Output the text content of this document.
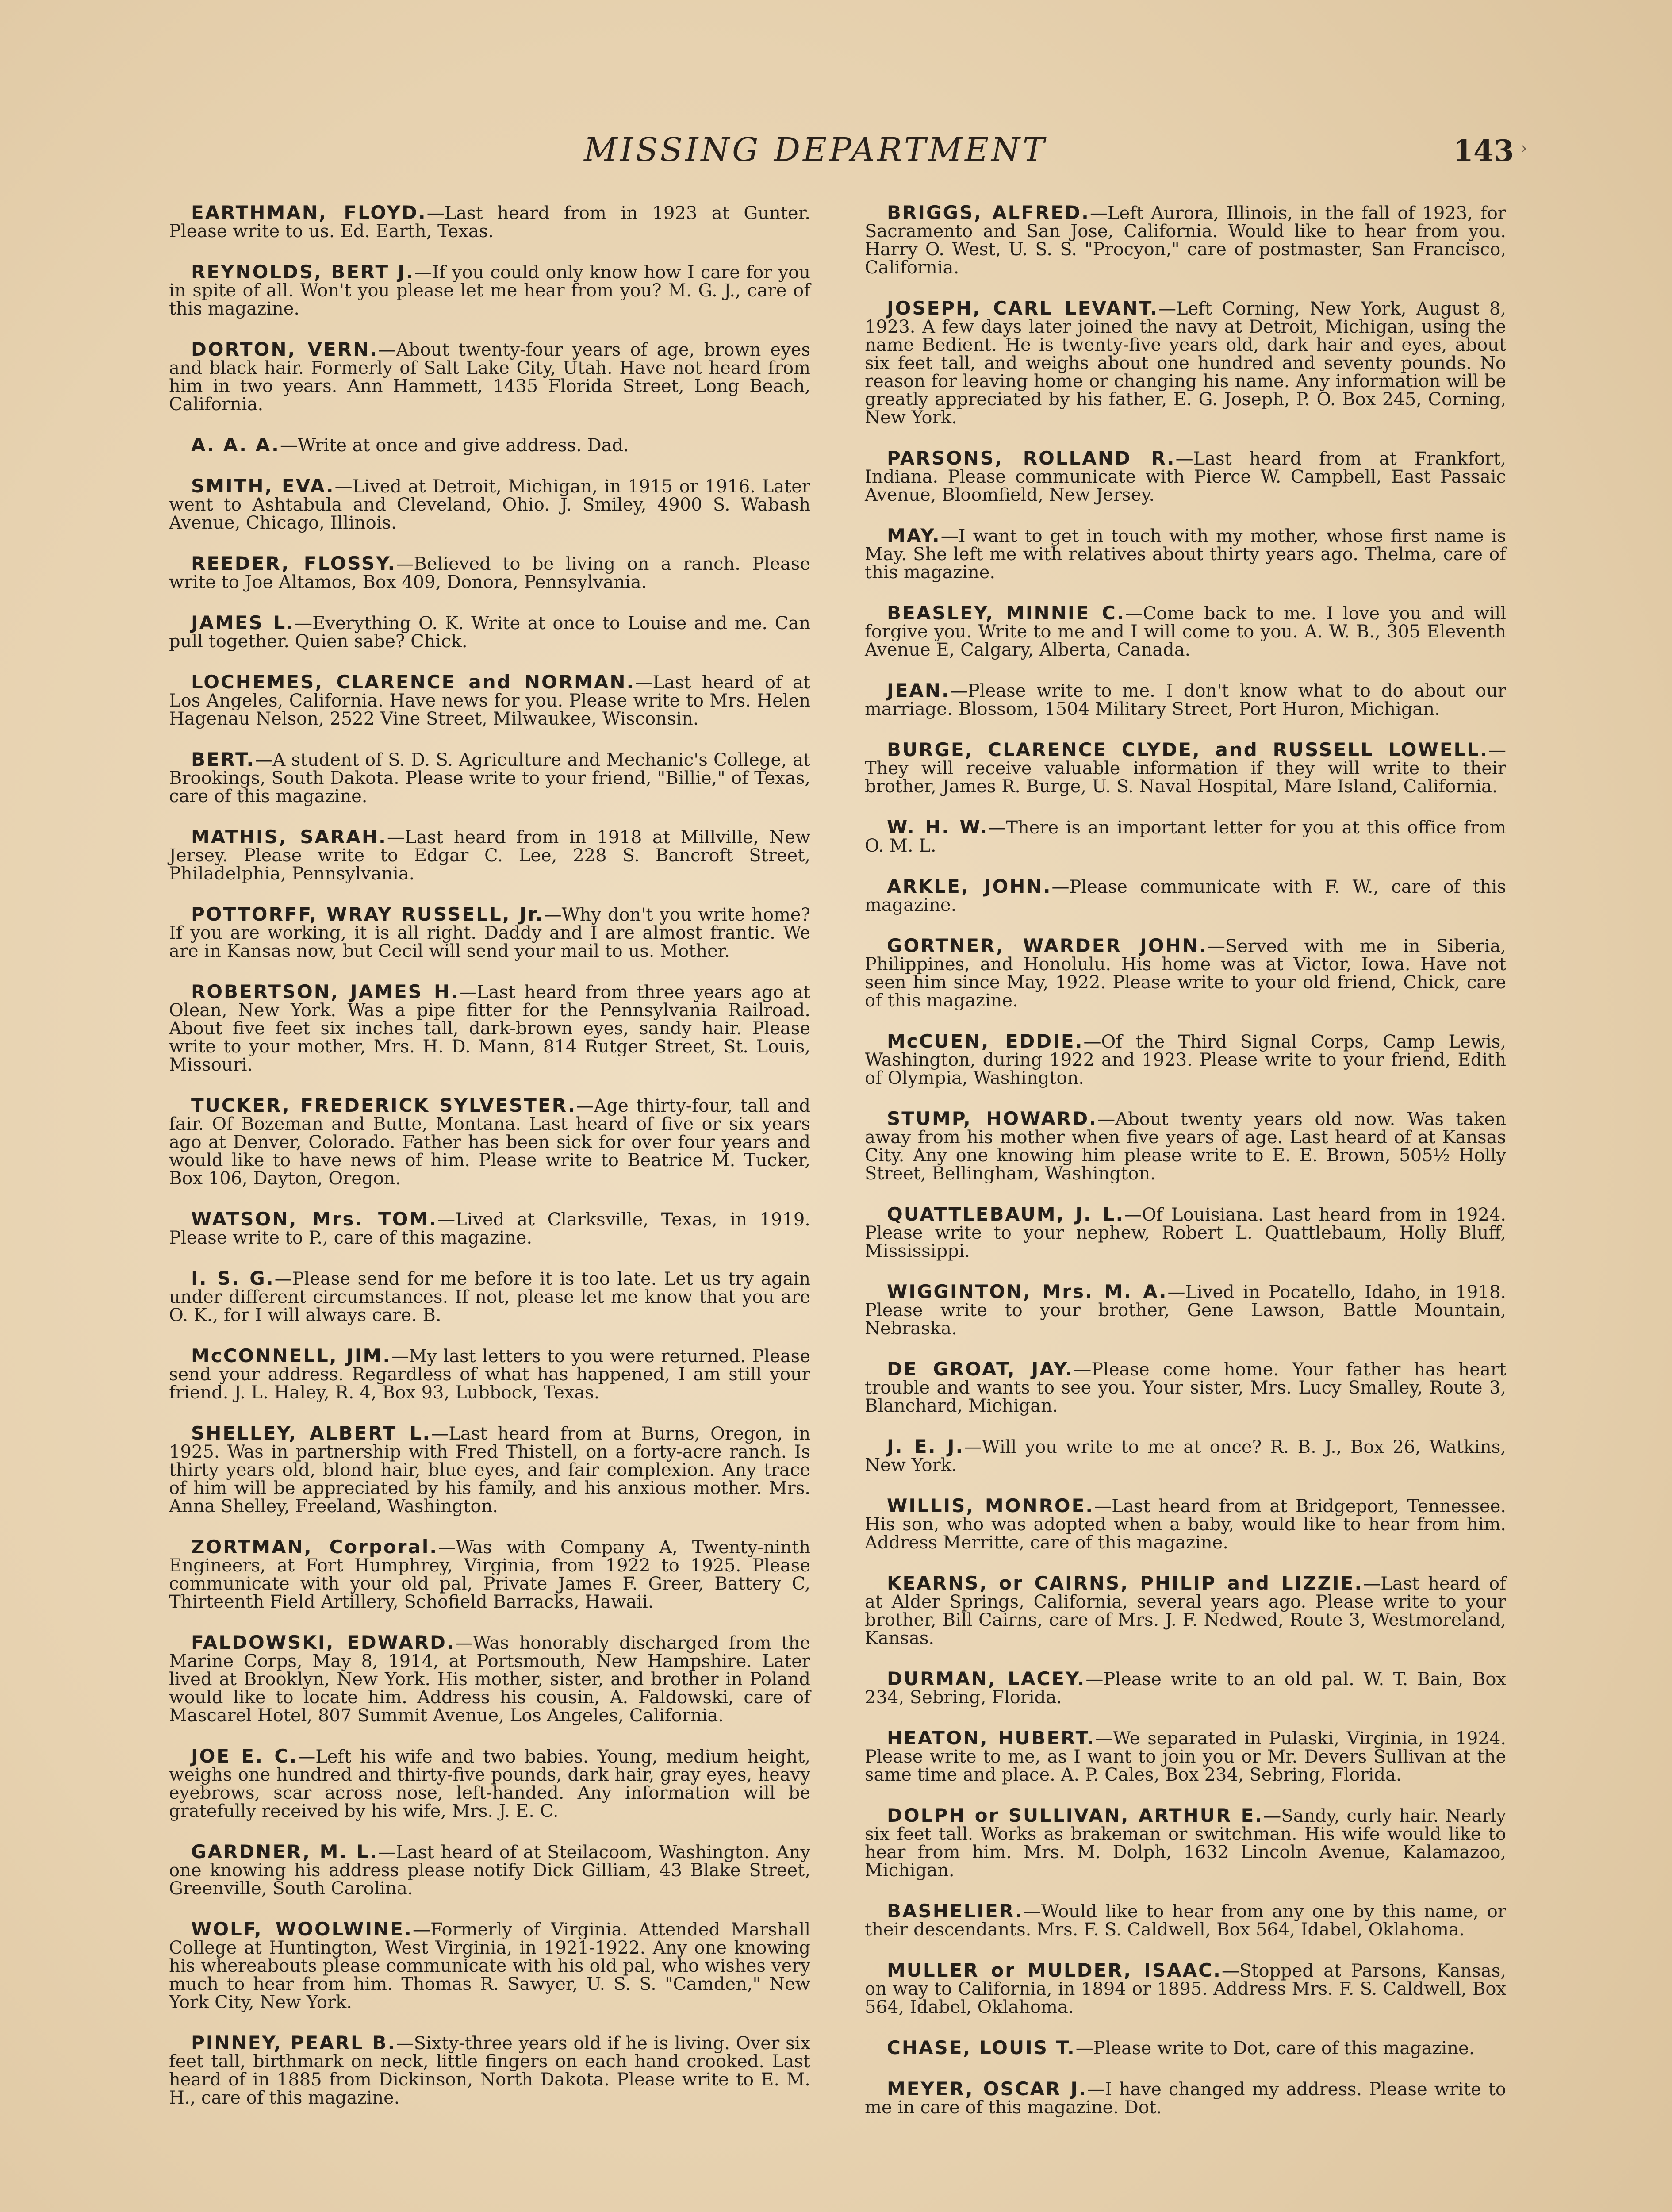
MISSING DEPARTMENT	143 ›

EARTHMAN, FLOYD.—Last heard from in 1923 at Gunter. Please write to us. Ed. Earth, Texas.

REYNOLDS, BERT J.—If you could only know how I care for you in spite of all. Won't you please let me hear from you? M. G. J., care of this magazine.

DORTON, VERN.—About twenty-four years of age, brown eyes and black hair. Formerly of Salt Lake City, Utah. Have not heard from him in two years. Ann Hammett, 1435 Florida Street, Long Beach, California.

A. A. A.—Write at once and give address. Dad.

SMITH, EVA.—Lived at Detroit, Michigan, in 1915 or 1916. Later went to Ashtabula and Cleveland, Ohio. J. Smiley, 4900 S. Wabash Avenue, Chicago, Illinois.

REEDER, FLOSSY.—Believed to be living on a ranch. Please write to Joe Altamos, Box 409, Donora, Pennsylvania.

JAMES L.—Everything O. K. Write at once to Louise and me. Can pull together. Quien sabe? Chick.

LOCHEMES, CLARENCE and NORMAN.—Last heard of at Los Angeles, California. Have news for you. Please write to Mrs. Helen Hagenau Nelson, 2522 Vine Street, Milwaukee, Wisconsin.

BERT.—A student of S. D. S. Agriculture and Mechanic's College, at Brookings, South Dakota. Please write to your friend, "Billie," of Texas, care of this magazine.

MATHIS, SARAH.—Last heard from in 1918 at Millville, New Jersey. Please write to Edgar C. Lee, 228 S. Bancroft Street, Philadelphia, Pennsylvania.

POTTORFF, WRAY RUSSELL, Jr.—Why don't you write home? If you are working, it is all right. Daddy and I are almost frantic. We are in Kansas now, but Cecil will send your mail to us. Mother.

ROBERTSON, JAMES H.—Last heard from three years ago at Olean, New York. Was a pipe fitter for the Pennsylvania Railroad. About five feet six inches tall, dark-brown eyes, sandy hair. Please write to your mother, Mrs. H. D. Mann, 814 Rutger Street, St. Louis, Missouri.

TUCKER, FREDERICK SYLVESTER.—Age thirty-four, tall and fair. Of Bozeman and Butte, Montana. Last heard of five or six years ago at Denver, Colorado. Father has been sick for over four years and would like to have news of him. Please write to Beatrice M. Tucker, Box 106, Dayton, Oregon.

WATSON, Mrs. TOM.—Lived at Clarksville, Texas, in 1919. Please write to P., care of this magazine.

I. S. G.—Please send for me before it is too late. Let us try again under different circumstances. If not, please let me know that you are O. K., for I will always care. B.

McCONNELL, JIM.—My last letters to you were returned. Please send your address. Regardless of what has happened, I am still your friend. J. L. Haley, R. 4, Box 93, Lubbock, Texas.

SHELLEY, ALBERT L.—Last heard from at Burns, Oregon, in 1925. Was in partnership with Fred Thistell, on a forty-acre ranch. Is thirty years old, blond hair, blue eyes, and fair complexion. Any trace of him will be appreciated by his family, and his anxious mother. Mrs. Anna Shelley, Freeland, Washington.

ZORTMAN, Corporal.—Was with Company A, Twenty-ninth Engineers, at Fort Humphrey, Virginia, from 1922 to 1925. Please communicate with your old pal, Private James F. Greer, Battery C, Thirteenth Field Artillery, Schofield Barracks, Hawaii.

FALDOWSKI, EDWARD.—Was honorably discharged from the Marine Corps, May 8, 1914, at Portsmouth, New Hampshire. Later lived at Brooklyn, New York. His mother, sister, and brother in Poland would like to locate him. Address his cousin, A. Faldowski, care of Mascarel Hotel, 807 Summit Avenue, Los Angeles, California.

JOE E. C.—Left his wife and two babies. Young, medium height, weighs one hundred and thirty-five pounds, dark hair, gray eyes, heavy eyebrows, scar across nose, left-handed. Any information will be gratefully received by his wife, Mrs. J. E. C.

GARDNER, M. L.—Last heard of at Steilacoom, Washington. Any one knowing his address please notify Dick Gilliam, 43 Blake Street, Greenville, South Carolina.

WOLF, WOOLWINE.—Formerly of Virginia. Attended Marshall College at Huntington, West Virginia, in 1921-1922. Any one knowing his whereabouts please communicate with his old pal, who wishes very much to hear from him. Thomas R. Sawyer, U. S. S. "Camden," New York City, New York.

PINNEY, PEARL B.—Sixty-three years old if he is living. Over six feet tall, birthmark on neck, little fingers on each hand crooked. Last heard of in 1885 from Dickinson, North Dakota. Please write to E. M. H., care of this magazine.

BRIGGS, ALFRED.—Left Aurora, Illinois, in the fall of 1923, for Sacramento and San Jose, California. Would like to hear from you. Harry O. West, U. S. S. "Procyon," care of postmaster, San Francisco, California.

JOSEPH, CARL LEVANT.—Left Corning, New York, August 8, 1923. A few days later joined the navy at Detroit, Michigan, using the name Bedient. He is twenty-five years old, dark hair and eyes, about six feet tall, and weighs about one hundred and seventy pounds. No reason for leaving home or changing his name. Any information will be greatly appreciated by his father, E. G. Joseph, P. O. Box 245, Corning, New York.

PARSONS, ROLLAND R.—Last heard from at Frankfort, Indiana. Please communicate with Pierce W. Campbell, East Passaic Avenue, Bloomfield, New Jersey.

MAY.—I want to get in touch with my mother, whose first name is May. She left me with relatives about thirty years ago. Thelma, care of this magazine.

BEASLEY, MINNIE C.—Come back to me. I love you and will forgive you. Write to me and I will come to you. A. W. B., 305 Eleventh Avenue E, Calgary, Alberta, Canada.

JEAN.—Please write to me. I don't know what to do about our marriage. Blossom, 1504 Military Street, Port Huron, Michigan.

BURGE, CLARENCE CLYDE, and RUSSELL LOWELL.—They will receive valuable information if they will write to their brother, James R. Burge, U. S. Naval Hospital, Mare Island, California.

W. H. W.—There is an important letter for you at this office from O. M. L.

ARKLE, JOHN.—Please communicate with F. W., care of this magazine.

GORTNER, WARDER JOHN.—Served with me in Siberia, Philippines, and Honolulu. His home was at Victor, Iowa. Have not seen him since May, 1922. Please write to your old friend, Chick, care of this magazine.

McCUEN, EDDIE.—Of the Third Signal Corps, Camp Lewis, Washington, during 1922 and 1923. Please write to your friend, Edith of Olympia, Washington.

STUMP, HOWARD.—About twenty years old now. Was taken away from his mother when five years of age. Last heard of at Kansas City. Any one knowing him please write to E. E. Brown, 505½ Holly Street, Bellingham, Washington.

QUATTLEBAUM, J. L.—Of Louisiana. Last heard from in 1924. Please write to your nephew, Robert L. Quattlebaum, Holly Bluff, Mississippi.

WIGGINTON, Mrs. M. A.—Lived in Pocatello, Idaho, in 1918. Please write to your brother, Gene Lawson, Battle Mountain, Nebraska.

DE GROAT, JAY.—Please come home. Your father has heart trouble and wants to see you. Your sister, Mrs. Lucy Smalley, Route 3, Blanchard, Michigan.

J. E. J.—Will you write to me at once? R. B. J., Box 26, Watkins, New York.

WILLIS, MONROE.—Last heard from at Bridgeport, Tennessee. His son, who was adopted when a baby, would like to hear from him. Address Merritte, care of this magazine.

KEARNS, or CAIRNS, PHILIP and LIZZIE.—Last heard of at Alder Springs, California, several years ago. Please write to your brother, Bill Cairns, care of Mrs. J. F. Nedwed, Route 3, Westmoreland, Kansas.

DURMAN, LACEY.—Please write to an old pal. W. T. Bain, Box 234, Sebring, Florida.

HEATON, HUBERT.—We separated in Pulaski, Virginia, in 1924. Please write to me, as I want to join you or Mr. Devers Sullivan at the same time and place. A. P. Cales, Box 234, Sebring, Florida.

DOLPH or SULLIVAN, ARTHUR E.—Sandy, curly hair. Nearly six feet tall. Works as brakeman or switchman. His wife would like to hear from him. Mrs. M. Dolph, 1632 Lincoln Avenue, Kalamazoo, Michigan.

BASHELIER.—Would like to hear from any one by this name, or their descendants. Mrs. F. S. Caldwell, Box 564, Idabel, Oklahoma.

MULLER or MULDER, ISAAC.—Stopped at Parsons, Kansas, on way to California, in 1894 or 1895. Address Mrs. F. S. Caldwell, Box 564, Idabel, Oklahoma.

CHASE, LOUIS T.—Please write to Dot, care of this magazine.

MEYER, OSCAR J.—I have changed my address. Please write to me in care of this magazine. Dot.
